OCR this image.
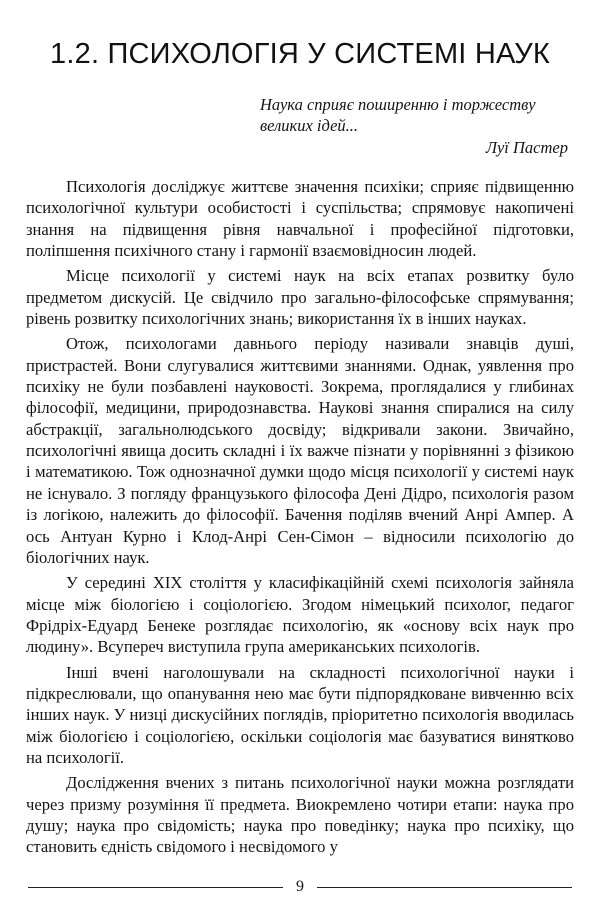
1.2. ПСИХОЛОГІЯ У СИСТЕМІ НАУК
Наука сприяє поширенню і торжеству великих ідей...
Луї Пастер

Психологія досліджує життєве значення психіки; сприяє підвищенню психологічної культури особистості і суспільства; спрямовує накопичені знання на підвищення рівня навчальної і професійної підготовки, поліпшення психічного стану і гармонії взаємовідносин людей.

Місце психології у системі наук на всіх етапах розвитку було предметом дискусій. Це свідчило про загально-філософське спрямування; рівень розвитку психологічних знань; використання їх в інших науках.

Отож, психологами давнього періоду називали знавців душі, пристрастей. Вони слугувалися життєвими знаннями. Однак, уявлення про психіку не були позбавлені науковості. Зокрема, проглядалися у глибинах філософії, медицини, природознавства. Наукові знання спиралися на силу абстракції, загальнолюдського досвіду; відкривали закони. Звичайно, психологічні явища досить складні і їх важче пізнати у порівнянні з фізикою і математикою. Тож однозначної думки щодо місця психології у системі наук не існувало. З погляду французького філософа Дені Дідро, психологія разом із логікою, належить до філософії. Бачення поділяв вчений Анрі Ампер. А ось Антуан Курно і Клод-Анрі Сен-Сімон – відносили психологію до біологічних наук.

У середині ХІХ століття у класифікаційній схемі психологія зайняла місце між біологією і соціологією. Згодом німецький психолог, педагог Фрідріх-Едуард Бенеке розглядає психологію, як «основу всіх наук про людину». Всупереч виступила група американських психологів.

Інші вчені наголошували на складності психологічної науки і підкреслювали, що опанування нею має бути підпорядковане вивченню всіх інших наук. У низці дискусійних поглядів, пріоритетно психологія вводилась між біологією і соціологією, оскільки соціологія має базуватися винятково на психології.

Дослідження вчених з питань психологічної науки можна розглядати через призму розуміння її предмета. Виокремлено чотири етапи: наука про душу; наука про свідомість; наука про поведінку; наука про психіку, що становить єдність свідомого і несвідомого у

9
